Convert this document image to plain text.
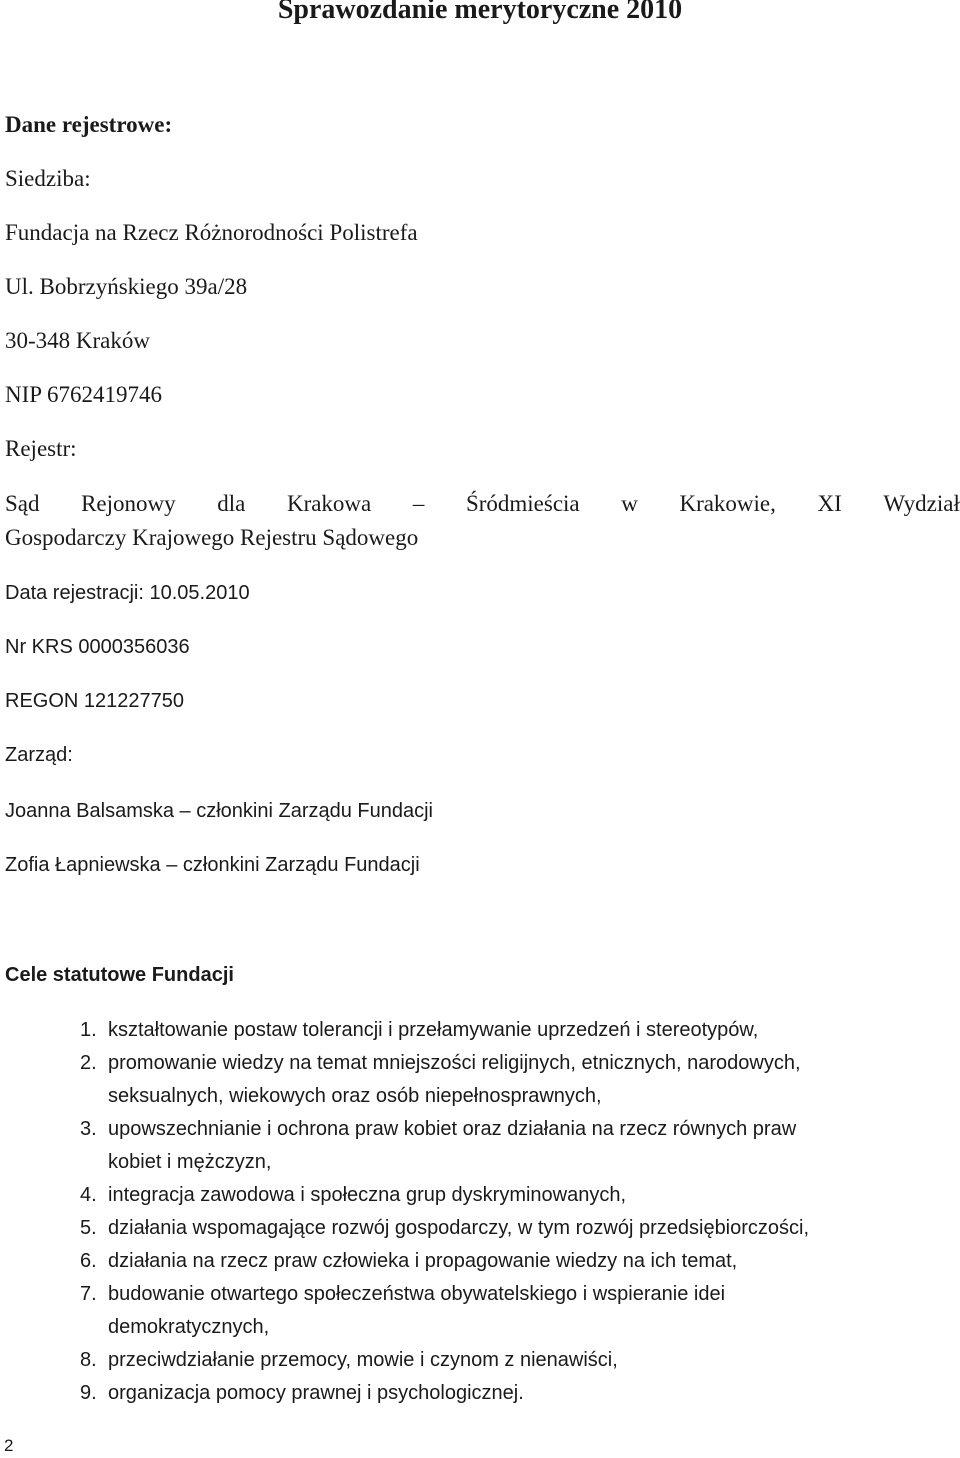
Sprawozdanie merytoryczne 2010

Dane rejestrowe:

Siedziba:

Fundacja na Rzecz Różnorodności Polistrefa

Ul. Bobrzyńskiego 39a/28

30-348 Kraków

NIP 6762419746

Rejestr:

Sąd Rejonowy dla Krakowa – Śródmieścia w Krakowie, XI Wydział

Gospodarczy Krajowego Rejestru Sądowego

Data rejestracji: 10.05.2010

Nr KRS 0000356036

REGON 121227750

Zarząd:

Joanna Balsamska – członkini Zarządu Fundacji

Zofia Łapniewska – członkini Zarządu Fundacji

Cele statutowe Fundacji

1. kształtowanie postaw tolerancji i przełamywanie uprzedzeń i stereotypów,
2. promowanie wiedzy na temat mniejszości religijnych, etnicznych, narodowych,
seksualnych, wiekowych oraz osób niepełnosprawnych,
3. upowszechnianie i ochrona praw kobiet oraz działania na rzecz równych praw
kobiet i mężczyzn,
4. integracja zawodowa i społeczna grup dyskryminowanych,
5. działania wspomagające rozwój gospodarczy, w tym rozwój przedsiębiorczości,
6. działania na rzecz praw człowieka i propagowanie wiedzy na ich temat,
7. budowanie otwartego społeczeństwa obywatelskiego i wspieranie idei
demokratycznych,
8. przeciwdziałanie przemocy, mowie i czynom z nienawiści,
9. organizacja pomocy prawnej i psychologicznej.

2
